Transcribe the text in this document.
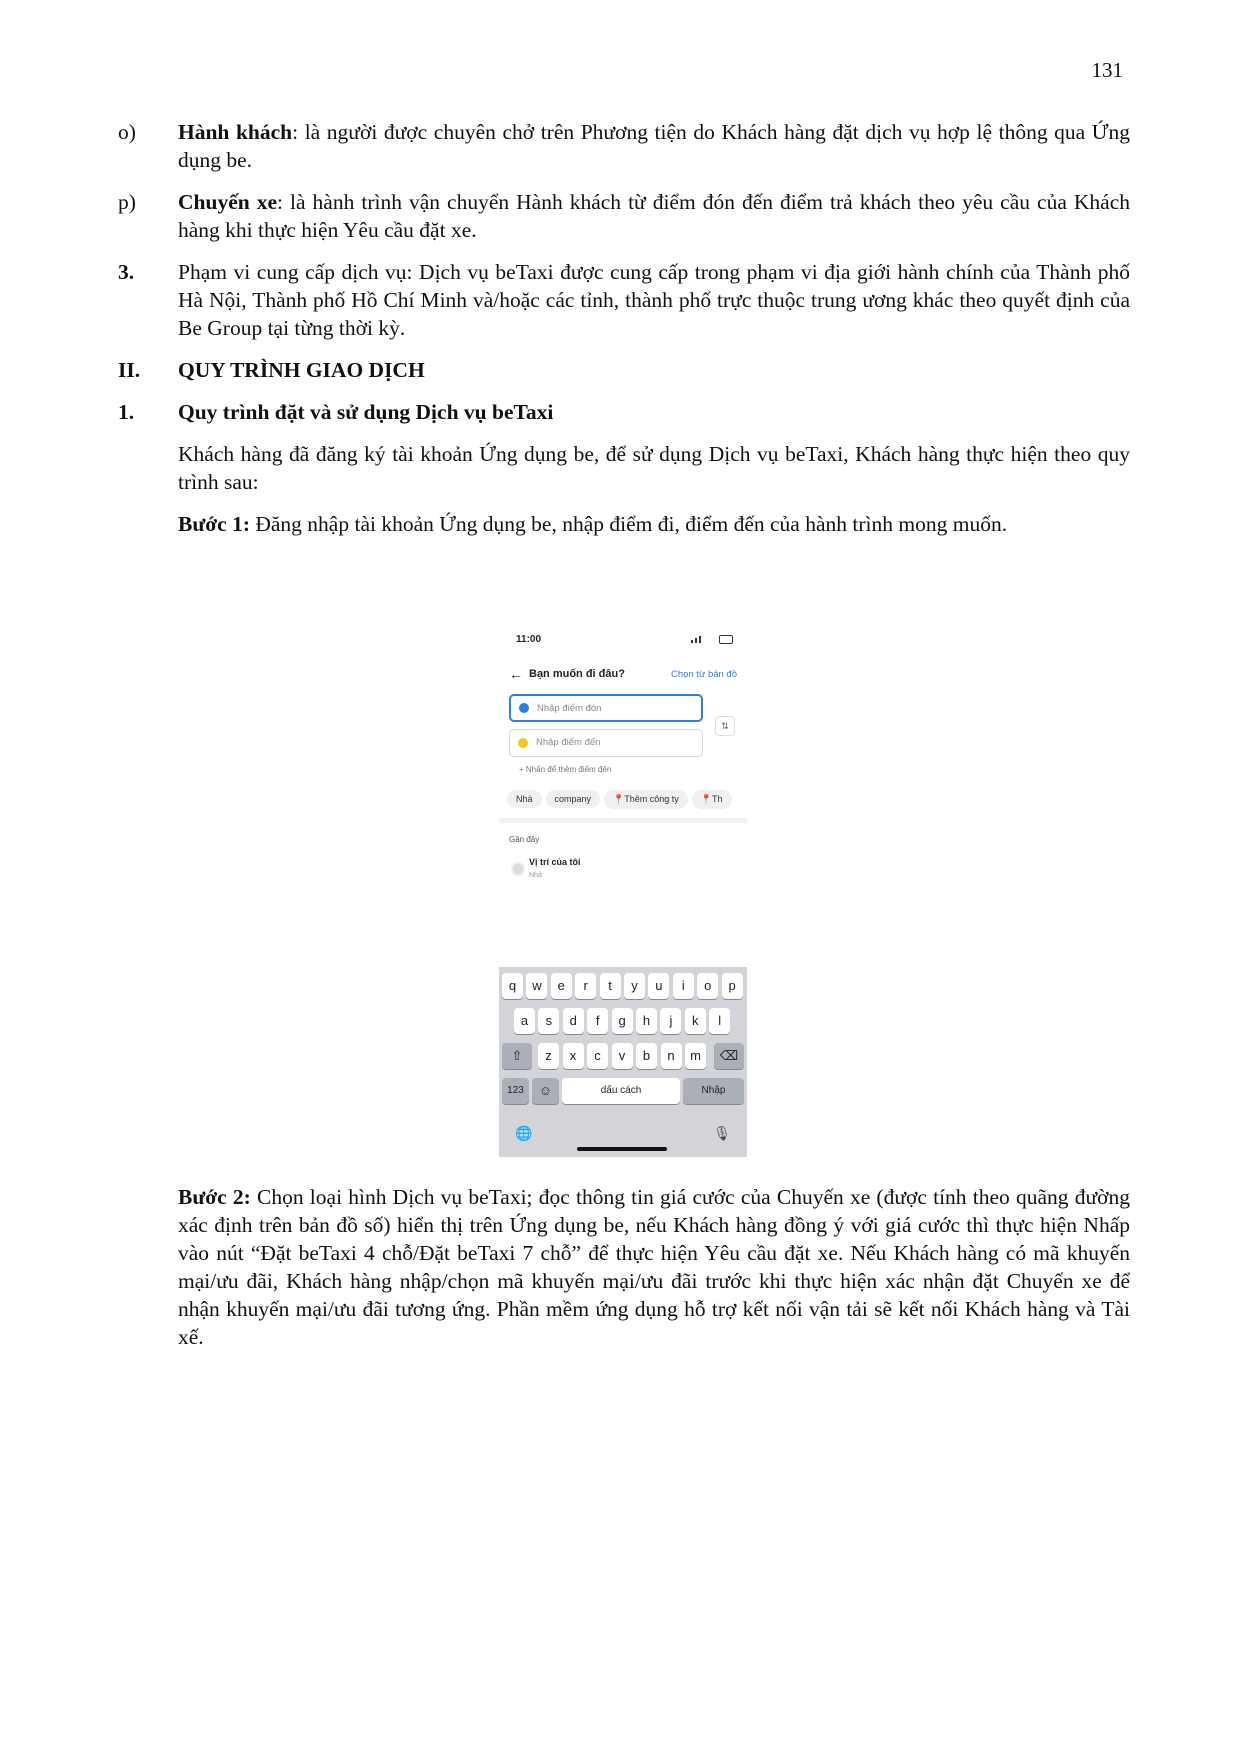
131
o) Hành khách: là người được chuyên chở trên Phương tiện do Khách hàng đặt dịch vụ hợp lệ thông qua Ứng dụng be.
p) Chuyến xe: là hành trình vận chuyển Hành khách từ điểm đón đến điểm trả khách theo yêu cầu của Khách hàng khi thực hiện Yêu cầu đặt xe.
3. Phạm vi cung cấp dịch vụ: Dịch vụ beTaxi được cung cấp trong phạm vi địa giới hành chính của Thành phố Hà Nội, Thành phố Hồ Chí Minh và/hoặc các tỉnh, thành phố trực thuộc trung ương khác theo quyết định của Be Group tại từng thời kỳ.
II. QUY TRÌNH GIAO DỊCH
1. Quy trình đặt và sử dụng Dịch vụ beTaxi
Khách hàng đã đăng ký tài khoản Ứng dụng be, để sử dụng Dịch vụ beTaxi, Khách hàng thực hiện theo quy trình sau:
Bước 1: Đăng nhập tài khoản Ứng dụng be, nhập điểm đi, điểm đến của hành trình mong muốn.
11:00
← Bạn muốn đi đâu?	Chọn từ bản đồ
Nhập điểm đón
Nhập điểm đến
⇅
+ Nhấn để thêm điểm đến
Nhà company 📍Thêm công ty 📍Th
Gần đây
Vị trí của tôi
Nhà
q	w	e	r	t	y	u	i	o	p
a	s	d	f	g	h	j	k	l
⇧	⌫
z	x	c	v	b	n	m
123	☺	dấu cách	Nhập
🌐	🎙
Bước 2: Chọn loại hình Dịch vụ beTaxi; đọc thông tin giá cước của Chuyến xe (được tính theo quãng đường xác định trên bản đồ số) hiển thị trên Ứng dụng be, nếu Khách hàng đồng ý với giá cước thì thực hiện Nhấp vào nút “Đặt beTaxi 4 chỗ/Đặt beTaxi 7 chỗ” để thực hiện Yêu cầu đặt xe. Nếu Khách hàng có mã khuyến mại/ưu đãi, Khách hàng nhập/chọn mã khuyến mại/ưu đãi trước khi thực hiện xác nhận đặt Chuyến xe để nhận khuyến mại/ưu đãi tương ứng. Phần mềm ứng dụng hỗ trợ kết nối vận tải sẽ kết nối Khách hàng và Tài xế.
